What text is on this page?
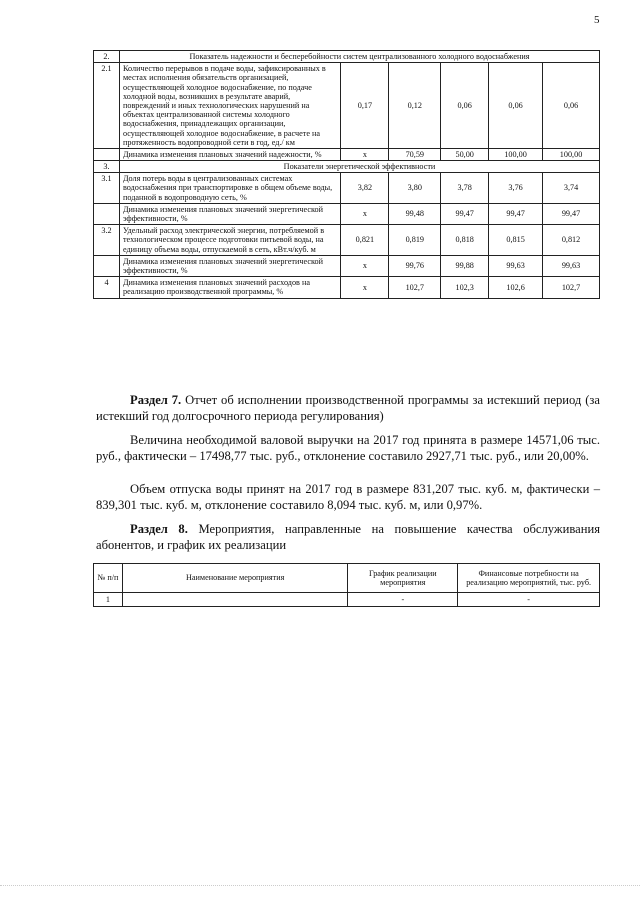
5
2.	Показатель надежности и бесперебойности систем централизованного холодного водоснабжения					
2.1	Количество перерывов в подаче воды, зафиксированных в местах исполнения обязательств организацией, осуществляющей холодное водоснабжение, по подаче холодной воды, возникших в результате аварий, повреждений и иных технологических нарушений на объектах централизованной системы холодного водоснабжения, принадлежащих организации, осуществляющей холодное водоснабжение, в расчете на протяженность водопроводной сети в год, ед./ км	0,17	0,12	0,06	0,06	0,06
	Динамика изменения плановых значений надежности, %	х	70,59	50,00	100,00	100,00
3.	Показатели энергетической эффективности					
3.1	Доля потерь воды в централизованных системах водоснабжения при транспортировке в общем объеме воды, поданной в водопроводную сеть, %	3,82	3,80	3,78	3,76	3,74
	Динамика изменения плановых значений энергетической эффективности, %	х	99,48	99,47	99,47	99,47
3.2	Удельный расход электрической энергии, потребляемой в технологическом процессе подготовки питьевой воды, на единицу объема воды, отпускаемой в сеть, кВт.ч/куб. м	0,821	0,819	0,818	0,815	0,812
	Динамика изменения плановых значений энергетической эффективности, %	х	99,76	99,88	99,63	99,63
4	Динамика изменения плановых значений расходов на реализацию производственной программы, %	х	102,7	102,3	102,6	102,7
Раздел 7. Отчет об исполнении производственной программы за истекший период (за истекший год долгосрочного периода регулирования)
Величина необходимой валовой выручки на 2017 год принята в размере 14571,06 тыс. руб., фактически – 17498,77 тыс. руб., отклонение составило 2927,71 тыс. руб., или 20,00%.
Объем отпуска воды принят на 2017 год в размере 831,207 тыс. куб. м, фактически – 839,301 тыс. куб. м, отклонение составило 8,094 тыс. куб. м, или 0,97%.
Раздел 8. Мероприятия, направленные на повышение качества обслуживания абонентов, и график их реализации
№ п/п	Наименование мероприятия	График реализации мероприятия	Финансовые потребности на реализацию мероприятий, тыс. руб.
1		-	-
